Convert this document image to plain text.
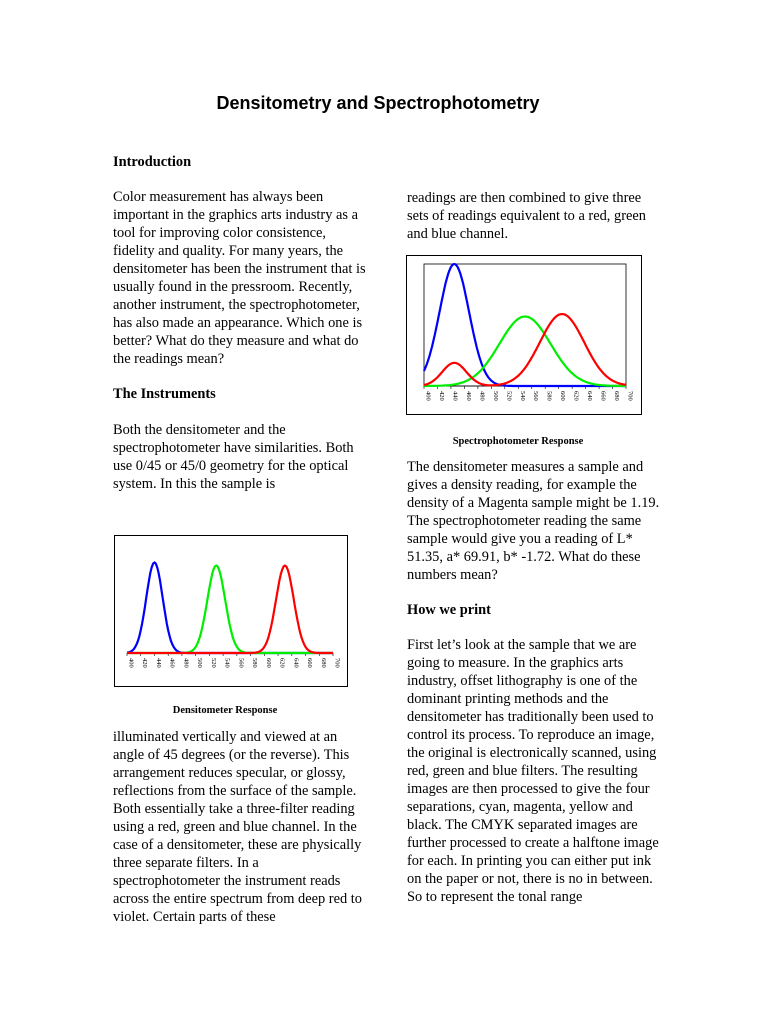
Densitometry and Spectrophotometry

Introduction

Color measurement has always been important in the graphics arts industry as a tool for improving color consistence, fidelity and quality. For many years, the densitometer has been the instrument that is usually found in the pressroom. Recently, another instrument, the spectrophotometer, has also made an appearance. Which one is better? What do they measure and what do the readings mean?

The Instruments

Both the densitometer and the spectrophotometer have similarities. Both use 0/45 or 45/0 geometry for the optical system. In this the sample is

400 420 440 460 480 500 520 540 560 580 600 620 640 660 680 700
Densitometer Response

illuminated vertically and viewed at an angle of 45 degrees (or the reverse). This arrangement reduces specular, or glossy, reflections from the surface of the sample. Both essentially take a three-filter reading using a red, green and blue channel. In the case of a densitometer, these are physically three separate filters. In a spectrophotometer the instrument reads across the entire spectrum from deep red to violet. Certain parts of these

readings are then combined to give three sets of readings equivalent to a red, green and blue channel.

400 420 440 460 480 500 520 540 560 580 600 620 640 660 680 700
Spectrophotometer Response

The densitometer measures a sample and gives a density reading, for example the density of a Magenta sample might be 1.19. The spectrophotometer reading the same sample would give you a reading of L* 51.35, a* 69.91, b* -1.72. What do these numbers mean?

How we print

First let’s look at the sample that we are going to measure. In the graphics arts industry, offset lithography is one of the dominant printing methods and the densitometer has traditionally been used to control its process. To reproduce an image, the original is electronically scanned, using red, green and blue filters. The resulting images are then processed to give the four separations, cyan, magenta, yellow and black. The CMYK separated images are further processed to create a halftone image for each. In printing you can either put ink on the paper or not, there is no in between. So to represent the tonal range
